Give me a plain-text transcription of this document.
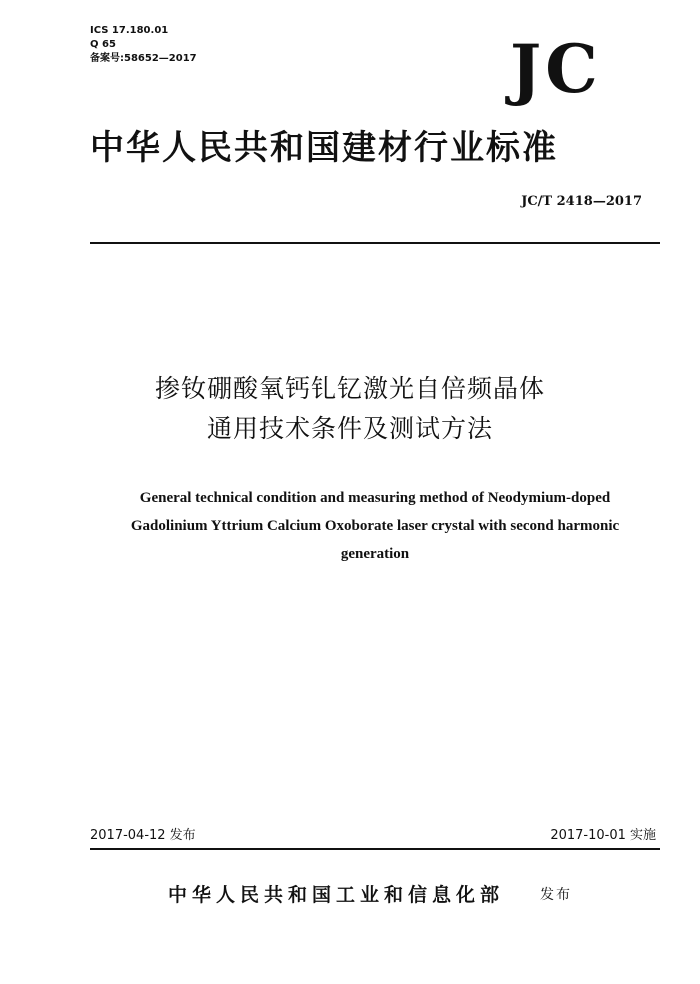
ICS 17.180.01
Q 65
备案号:58652—2017	JC
中华人民共和国建材行业标准
JC/T 2418—2017
掺钕硼酸氧钙钆钇激光自倍频晶体
通用技术条件及测试方法
General technical condition and measuring method of Neodymium-doped
Gadolinium Yttrium Calcium Oxoborate laser crystal with second harmonic
generation
2017-04-12 发布	2017-10-01 实施
中华人民共和国工业和信息化部	发布
